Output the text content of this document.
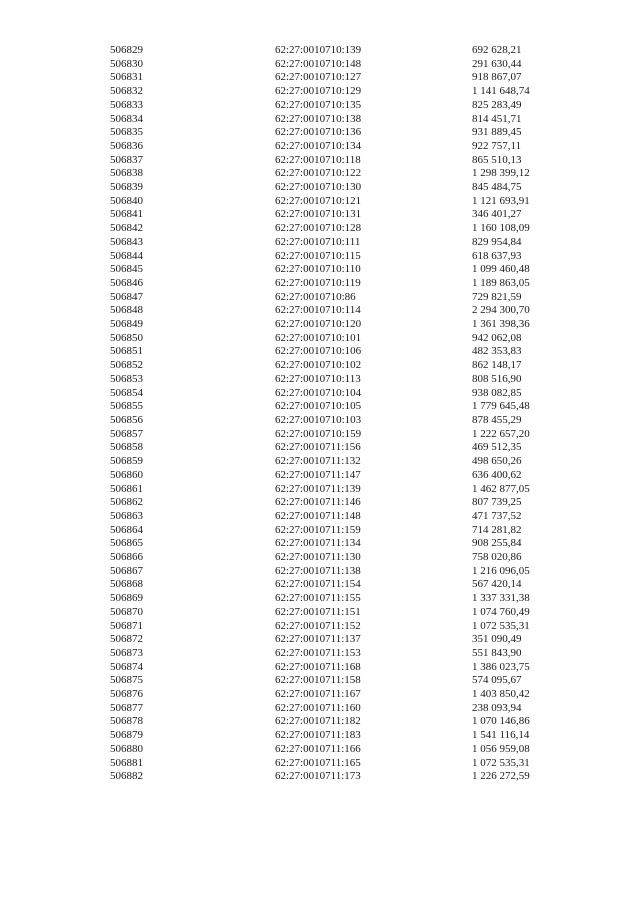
506829	62:27:0010710:139	692 628,21
506830	62:27:0010710:148	291 630,44
506831	62:27:0010710:127	918 867,07
506832	62:27:0010710:129	1 141 648,74
506833	62:27:0010710:135	825 283,49
506834	62:27:0010710:138	814 451,71
506835	62:27:0010710:136	931 889,45
506836	62:27:0010710:134	922 757,11
506837	62:27:0010710:118	865 510,13
506838	62:27:0010710:122	1 298 399,12
506839	62:27:0010710:130	845 484,75
506840	62:27:0010710:121	1 121 693,91
506841	62:27:0010710:131	346 401,27
506842	62:27:0010710:128	1 160 108,09
506843	62:27:0010710:111	829 954,84
506844	62:27:0010710:115	618 637,93
506845	62:27:0010710:110	1 099 460,48
506846	62:27:0010710:119	1 189 863,05
506847	62:27:0010710:86	729 821,59
506848	62:27:0010710:114	2 294 300,70
506849	62:27:0010710:120	1 361 398,36
506850	62:27:0010710:101	942 062,08
506851	62:27:0010710:106	482 353,83
506852	62:27:0010710:102	862 148,17
506853	62:27:0010710:113	808 516,90
506854	62:27:0010710:104	938 082,85
506855	62:27:0010710:105	1 779 645,48
506856	62:27:0010710:103	878 455,29
506857	62:27:0010710:159	1 222 657,20
506858	62:27:0010711:156	469 512,35
506859	62:27:0010711:132	498 650,26
506860	62:27:0010711:147	636 400,62
506861	62:27:0010711:139	1 462 877,05
506862	62:27:0010711:146	807 739,25
506863	62:27:0010711:148	471 737,52
506864	62:27:0010711:159	714 281,82
506865	62:27:0010711:134	908 255,84
506866	62:27:0010711:130	758 020,86
506867	62:27:0010711:138	1 216 096,05
506868	62:27:0010711:154	567 420,14
506869	62:27:0010711:155	1 337 331,38
506870	62:27:0010711:151	1 074 760,49
506871	62:27:0010711:152	1 072 535,31
506872	62:27:0010711:137	351 090,49
506873	62:27:0010711:153	551 843,90
506874	62:27:0010711:168	1 386 023,75
506875	62:27:0010711:158	574 095,67
506876	62:27:0010711:167	1 403 850,42
506877	62:27:0010711:160	238 093,94
506878	62:27:0010711:182	1 070 146,86
506879	62:27:0010711:183	1 541 116,14
506880	62:27:0010711:166	1 056 959,08
506881	62:27:0010711:165	1 072 535,31
506882	62:27:0010711:173	1 226 272,59
